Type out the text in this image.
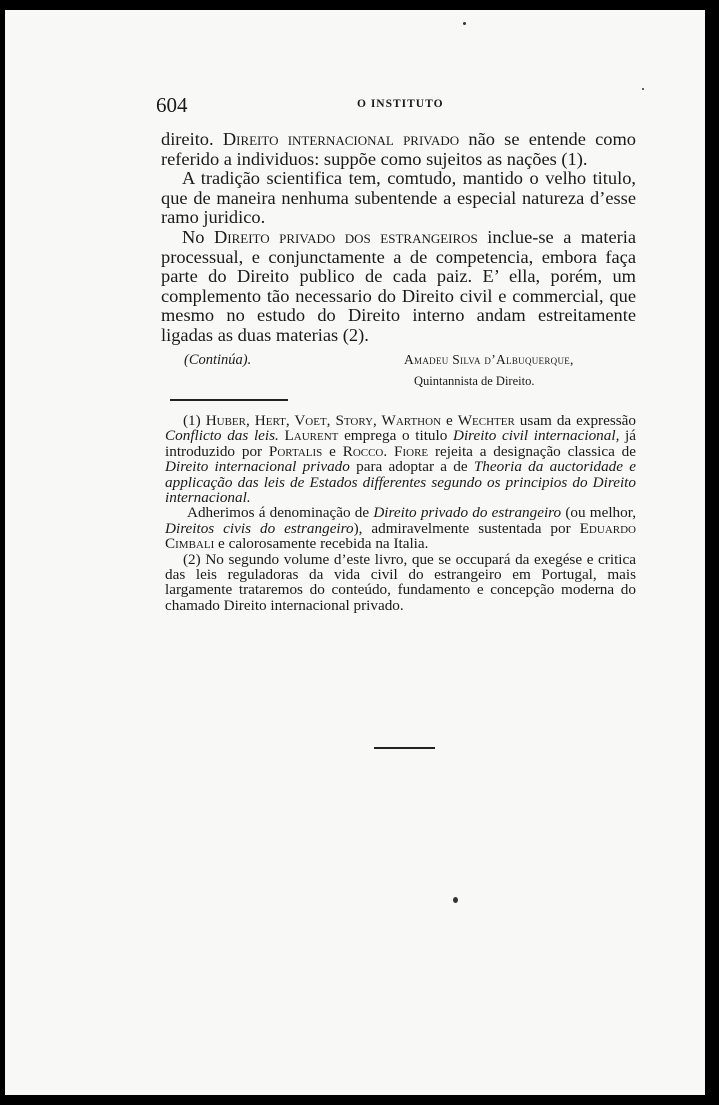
604	O INSTITUTO

direito. Direito internacional privado não se entende como referido a individuos: suppõe como sujeitos as nações (1).

A tradição scientifica tem, comtudo, mantido o velho titulo, que de maneira nenhuma subentende a especial natureza d’esse ramo juridico.

No Direito privado dos estrangeiros inclue-se a materia processual, e conjunctamente a de competencia, embora faça parte do Direito publico de cada paiz. E’ ella, porém, um complemento tão necessario do Direito civil e commercial, que mesmo no estudo do Direito interno andam estreitamente ligadas as duas materias (2).

(Continúa).	Amadeu Silva d’Albuquerque,
Quintannista de Direito.

(1) Huber, Hert, Voet, Story, Warthon e Wechter usam da expressão Conflicto das leis. Laurent emprega o titulo Direito civil internacional, já introduzido por Portalis e Rocco. Fiore rejeita a designação classica de Direito internacional privado para adoptar a de Theoria da auctoridade e applicação das leis de Estados differentes segundo os principios do Direito internacional.

Adherimos á denominação de Direito privado do estrangeiro (ou melhor, Direitos civis do estrangeiro), admiravelmente sustentada por Eduardo Cimbali e calorosamente recebida na Italia.

(2) No segundo volume d’este livro, que se occupará da exegése e critica das leis reguladoras da vida civil do estrangeiro em Portugal, mais largamente trataremos do conteúdo, fundamento e concepção moderna do chamado Direito internacional privado.
